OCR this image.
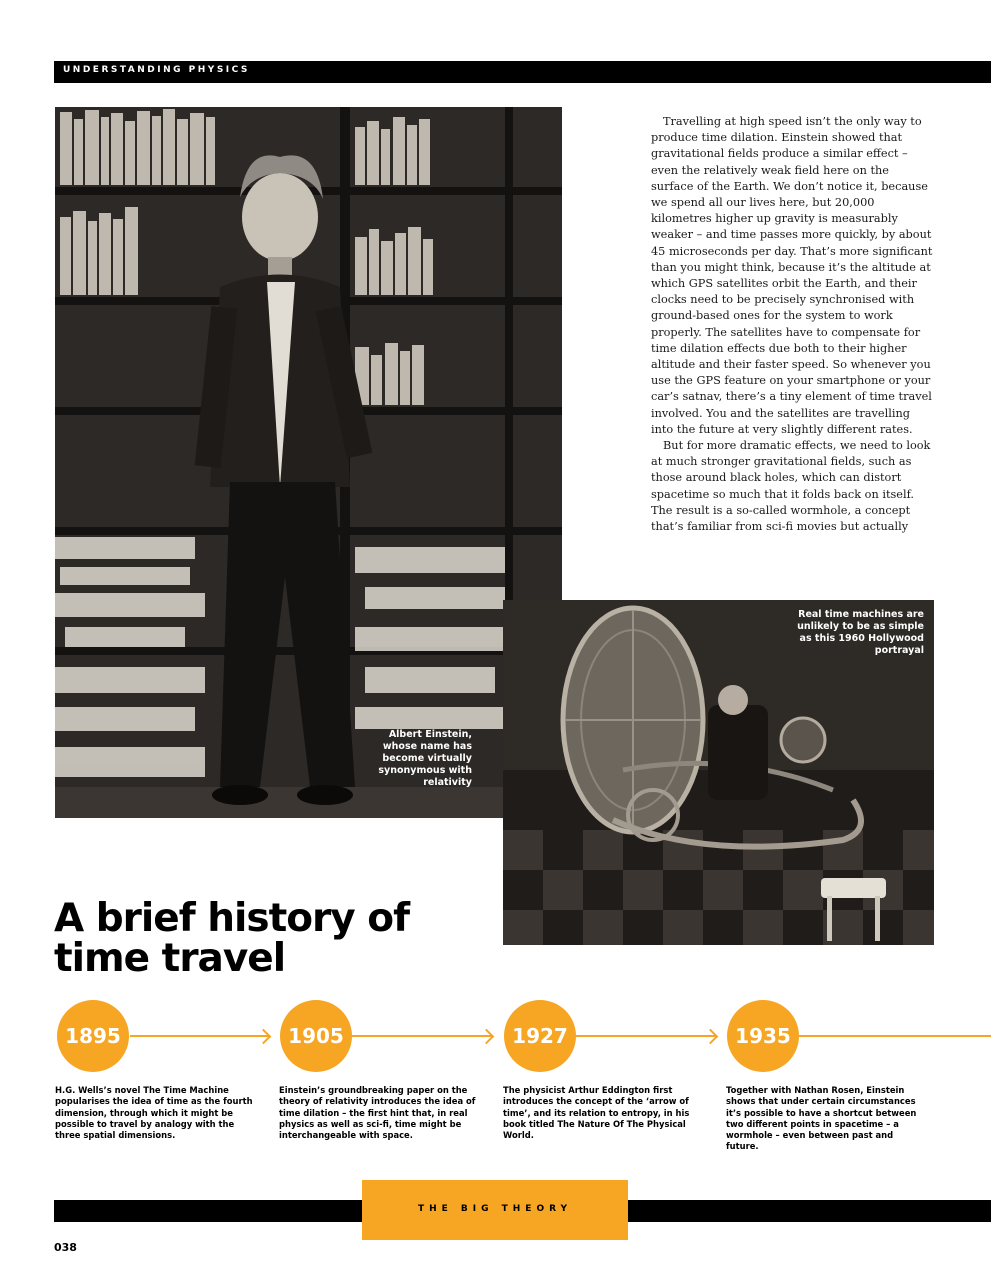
UNDERSTANDING PHYSICS
Albert Einstein, whose name has become virtually synonymous with relativity

Travelling at high speed isn’t the only way to produce time dilation. Einstein showed that gravitational fields produce a similar effect – even the relatively weak field here on the surface of the Earth. We don’t notice it, because we spend all our lives here, but 20,000 kilometres higher up gravity is measurably weaker – and time passes more quickly, by about 45 microseconds per day. That’s more significant than you might think, because it’s the altitude at which GPS satellites orbit the Earth, and their clocks need to be precisely synchronised with ground-based ones for the system to work properly. The satellites have to compensate for time dilation effects due both to their higher altitude and their faster speed. So whenever you use the GPS feature on your smartphone or your car’s satnav, there’s a tiny element of time travel involved. You and the satellites are travelling into the future at very slightly different rates.

But for more dramatic effects, we need to look at much stronger gravitational fields, such as those around black holes, which can distort spacetime so much that it folds back on itself. The result is a so-called wormhole, a concept that’s familiar from sci-fi movies but actually

Real time machines are unlikely to be as simple as this 1960 Hollywood portrayal
A brief history of time travel
1895	1905	1927	1935

H.G. Wells’s novel The Time Machine popularises the idea of time as the fourth dimension, through which it might be possible to travel by analogy with the three spatial dimensions.

Einstein’s groundbreaking paper on the theory of relativity introduces the idea of time dilation – the first hint that, in real physics as well as sci-fi, time might be interchangeable with space.

The physicist Arthur Eddington first introduces the concept of the ‘arrow of time’, and its relation to entropy, in his book titled The Nature Of The Physical World.

Together with Nathan Rosen, Einstein shows that under certain circumstances it’s possible to have a shortcut between two different points in spacetime – a wormhole – even between past and future.

THE BIG THEORY
038
